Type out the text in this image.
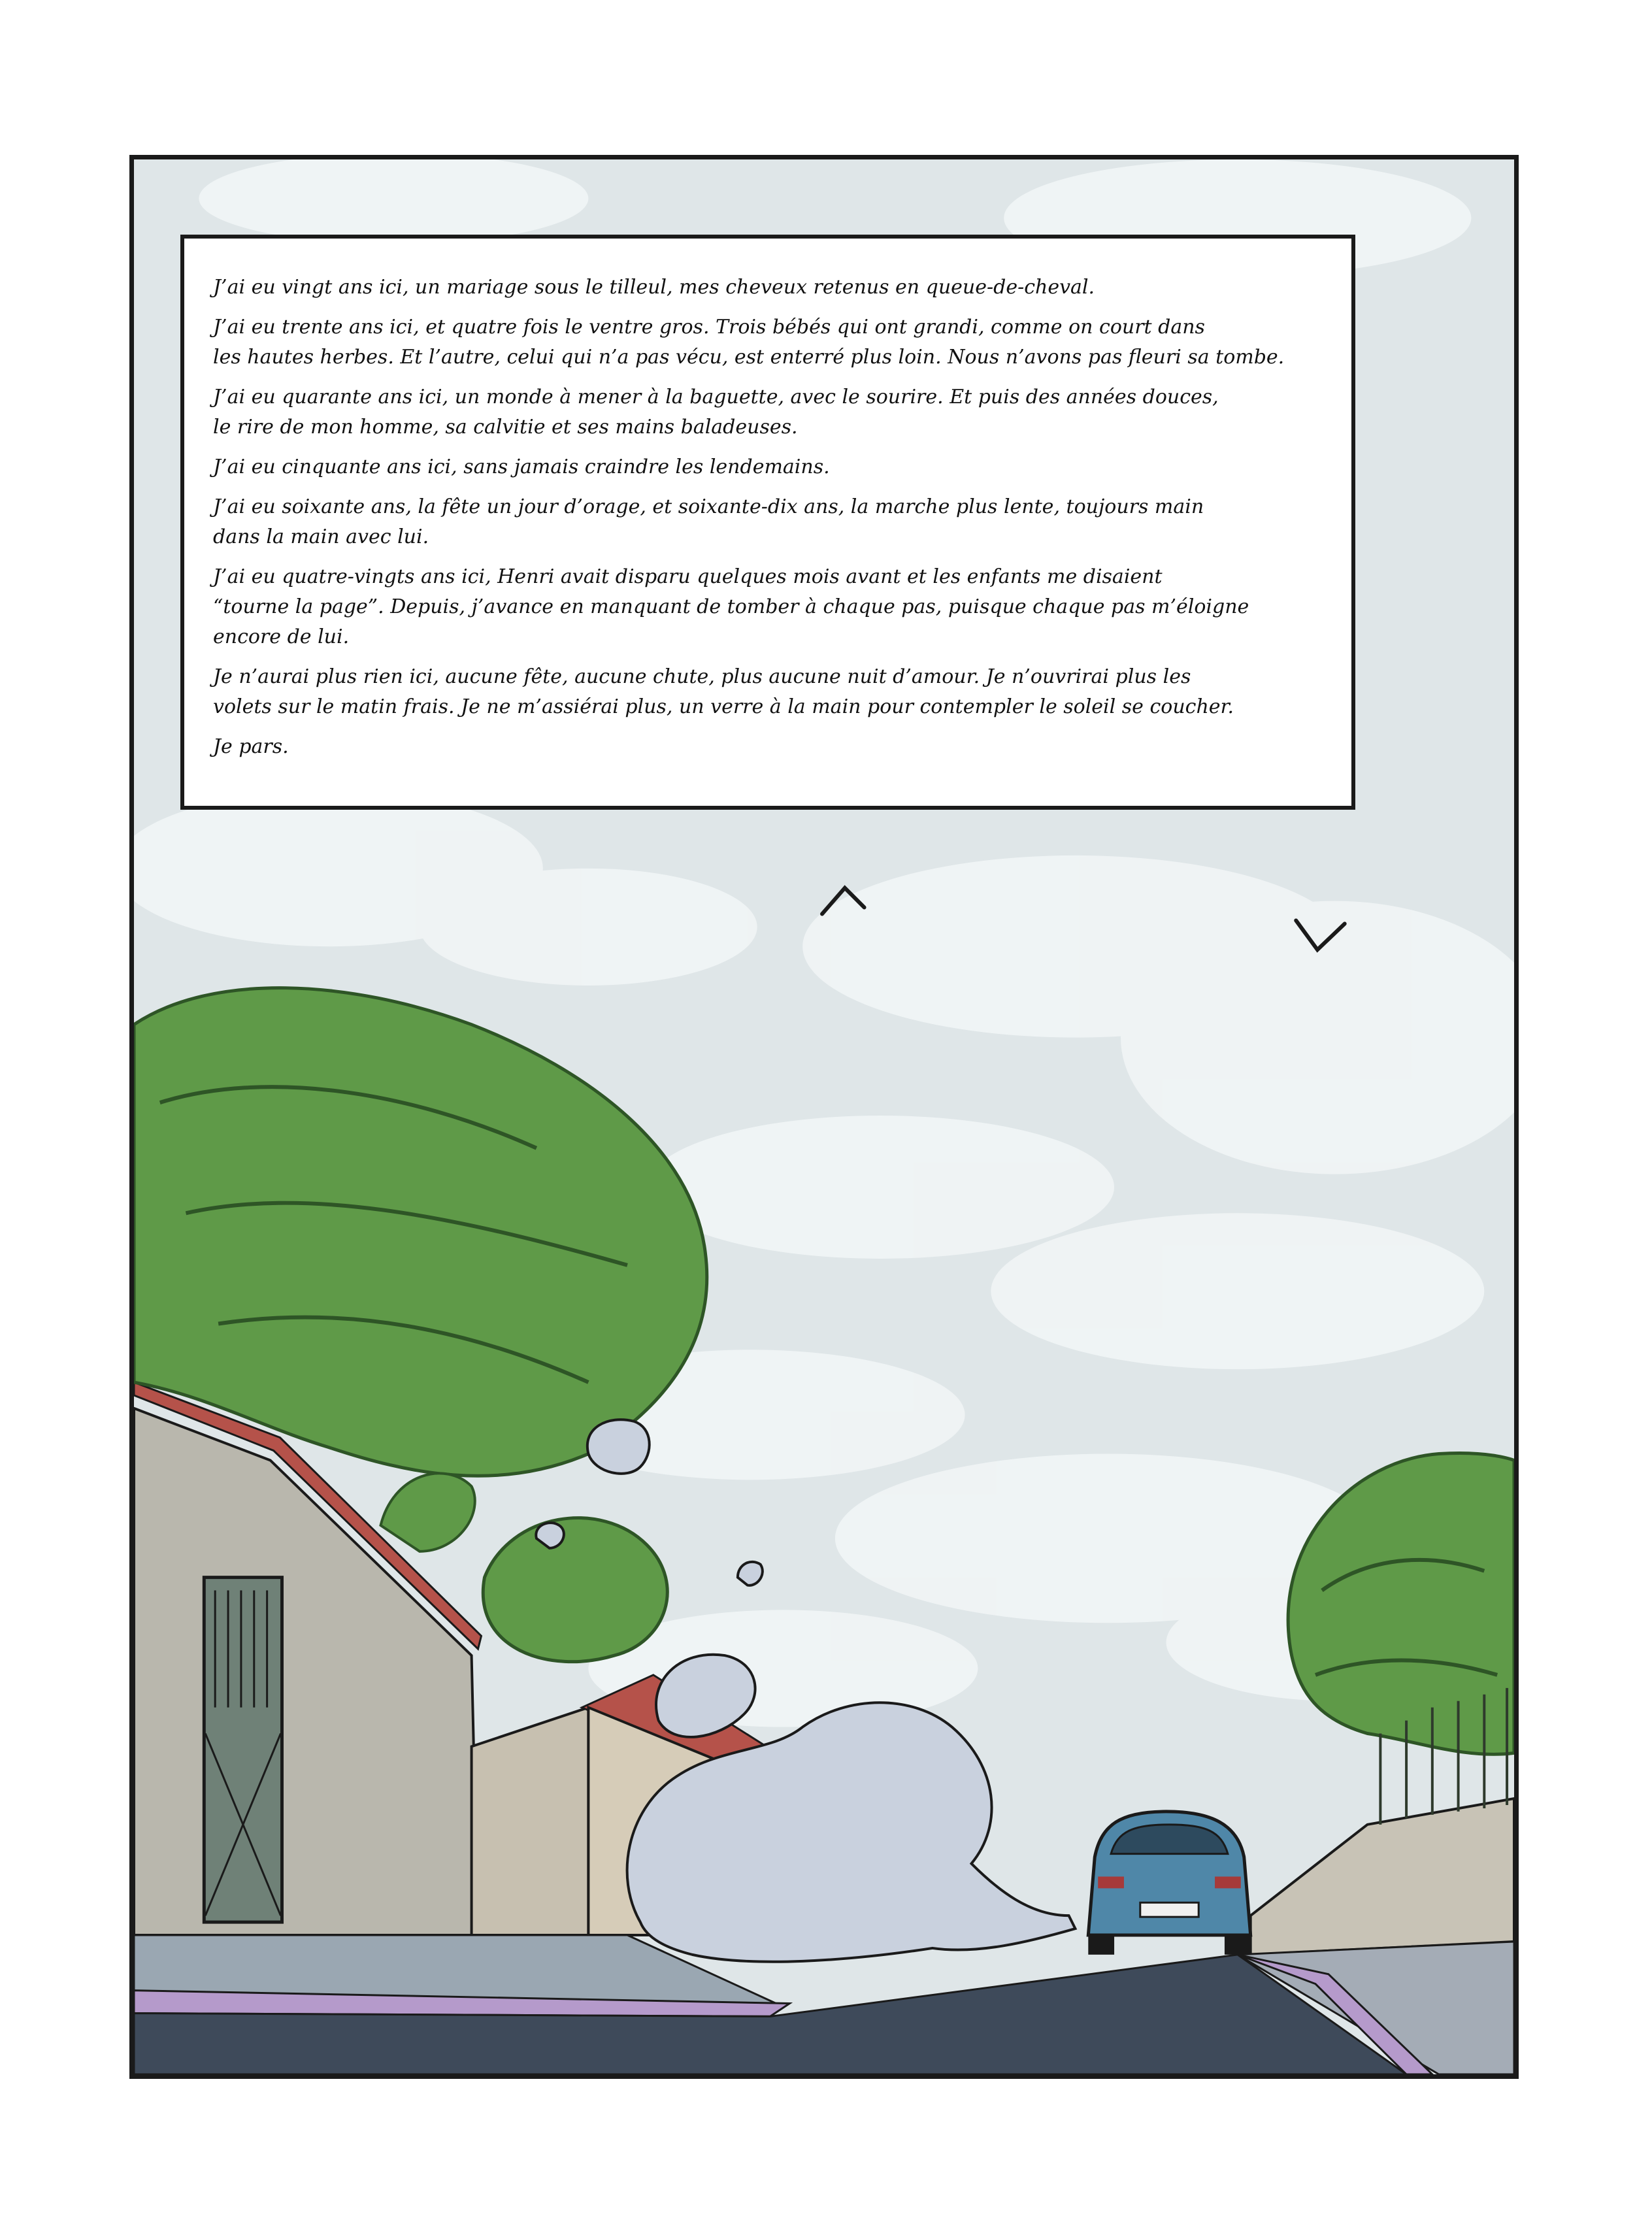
J’ai eu vingt ans ici, un mariage sous le tilleul, mes cheveux retenus en queue-de-cheval.

J’ai eu trente ans ici, et quatre fois le ventre gros. Trois bébés qui ont grandi, comme on court dans
les hautes herbes. Et l’autre, celui qui n’a pas vécu, est enterré plus loin. Nous n’avons pas fleuri sa tombe.

J’ai eu quarante ans ici, un monde à mener à la baguette, avec le sourire. Et puis des années douces,
le rire de mon homme, sa calvitie et ses mains baladeuses.

J’ai eu cinquante ans ici, sans jamais craindre les lendemains.

J’ai eu soixante ans, la fête un jour d’orage, et soixante-dix ans, la marche plus lente, toujours main
dans la main avec lui.

J’ai eu quatre-vingts ans ici, Henri avait disparu quelques mois avant et les enfants me disaient
“tourne la page”. Depuis, j’avance en manquant de tomber à chaque pas, puisque chaque pas m’éloigne
encore de lui.

Je n’aurai plus rien ici, aucune fête, aucune chute, plus aucune nuit d’amour. Je n’ouvrirai plus les
volets sur le matin frais. Je ne m’assiérai plus, un verre à la main pour contempler le soleil se coucher.

Je pars.
